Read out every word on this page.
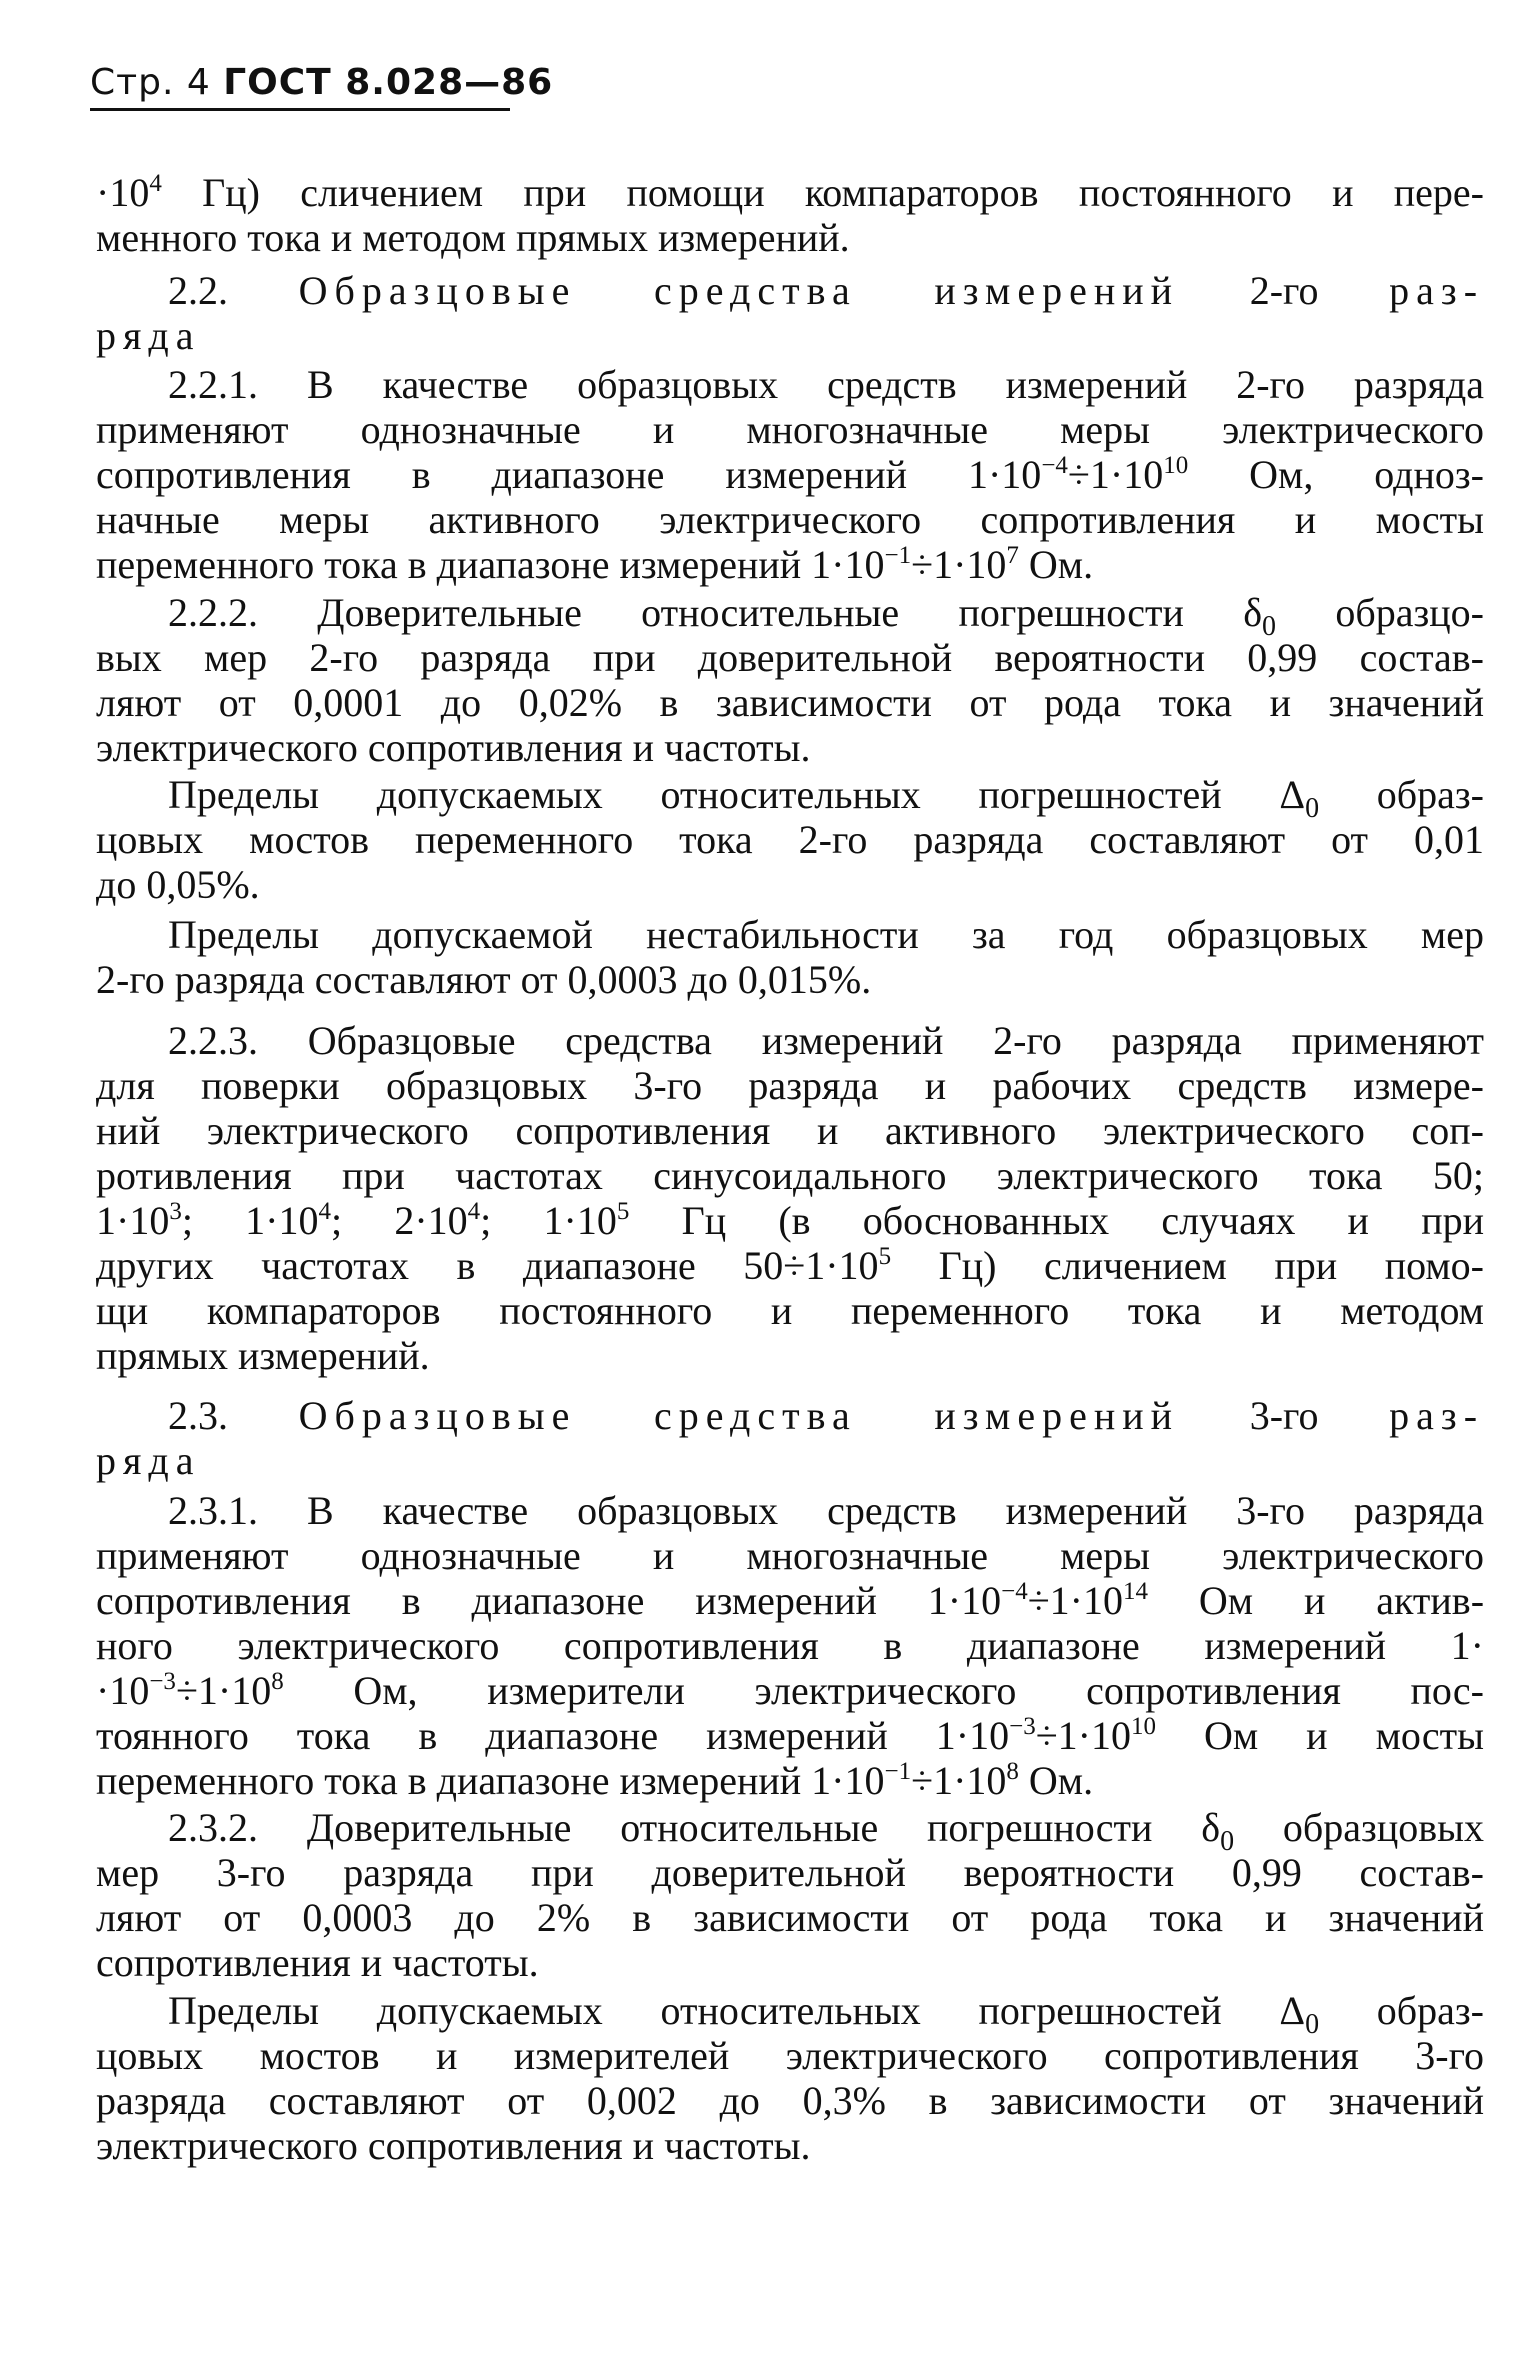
Стр. 4 ГОСТ 8.028—86
$\cdot 10^4$ Гц) сличением при помощи компараторов постоянного и пере-
менного тока и методом прямых измерений.
2.2. Образцовые средства измерений 2-го раз-
ряда
2.2.1. В качестве образцовых средств измерений 2-го разряда
применяют однозначные и многозначные меры электрического
сопротивления в диапазоне измерений $1\cdot 10^{-4}\div 1\cdot 10^{10}$ Ом, одноз-
начные меры активного электрического сопротивления и мосты
переменного тока в диапазоне измерений $1\cdot 10^{-1}\div 1\cdot 10^7$ Ом.
2.2.2. Доверительные относительные погрешности $\delta_0$ образцо-
вых мер 2-го разряда при доверительной вероятности 0,99 состав-
ляют от 0,0001 до 0,02% в зависимости от рода тока и значений
электрического сопротивления и частоты.
Пределы допускаемых относительных погрешностей $\Delta_0$ образ-
цовых мостов переменного тока 2-го разряда составляют от 0,01
до 0,05%.
Пределы допускаемой нестабильности за год образцовых мер
2-го разряда составляют от 0,0003 до 0,015%.
2.2.3. Образцовые средства измерений 2-го разряда применяют
для поверки образцовых 3-го разряда и рабочих средств измере-
ний электрического сопротивления и активного электрического соп-
ротивления при частотах синусоидального электрического тока 50;
$1\cdot 10^3$; $1\cdot 10^4$; $2\cdot 10^4$; $1\cdot 10^5$ Гц (в обоснованных случаях и при
других частотах в диапазоне $50\div 1\cdot 10^5$ Гц) сличением при помо-
щи компараторов постоянного и переменного тока и методом
прямых измерений.
2.3. Образцовые средства измерений 3-го раз-
ряда
2.3.1. В качестве образцовых средств измерений 3-го разряда
применяют однозначные и многозначные меры электрического
сопротивления в диапазоне измерений $1\cdot 10^{-4}\div 1\cdot 10^{14}$ Ом и актив-
ного электрического сопротивления в диапазоне измерений 1·
$\cdot 10^{-3}\div 1\cdot 10^8$ Ом, измерители электрического сопротивления пос-
тоянного тока в диапазоне измерений $1\cdot 10^{-3}\div 1\cdot 10^{10}$ Ом и мосты
переменного тока в диапазоне измерений $1\cdot 10^{-1}\div 1\cdot 10^8$ Ом.
2.3.2. Доверительные относительные погрешности $\delta_0$ образцовых
мер 3-го разряда при доверительной вероятности 0,99 состав-
ляют от 0,0003 до 2% в зависимости от рода тока и значений
сопротивления и частоты.
Пределы допускаемых относительных погрешностей $\Delta_0$ образ-
цовых мостов и измерителей электрического сопротивления 3-го
разряда составляют от 0,002 до 0,3% в зависимости от значений
электрического сопротивления и частоты.
